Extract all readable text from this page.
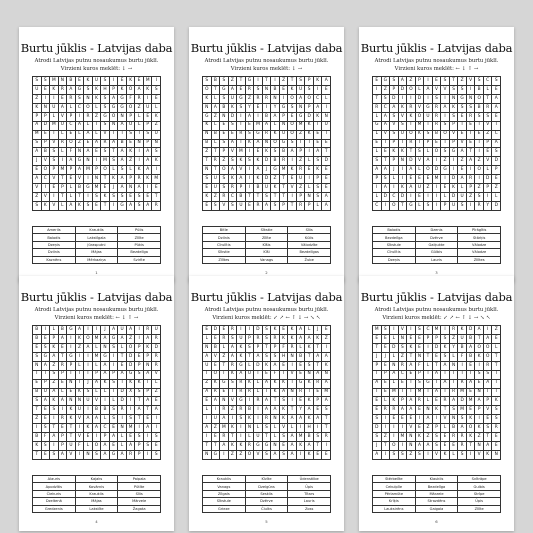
Burtu jūklis - Latvijas daba
Atrodi Latvijas putnu nosaukumus burtu jūklī.
Virzieni kuros meklēt: ↓ →
S	S	M	N	B	E	K	U	S	I	E	K	E	M	I
U	E	K	R	A	G	S	K	H	P	K	O	A	K	S
Z	I	I	E	R	S	N	K	S	A	G	F	R	I	E
K	N	U	A	L	C	O	L	S	G	G	O	Z	U	L
P	P	L	V	P	I	R	Z	G	O	N	P	L	E	K
A	D	M	U	C	A	L	I	S	N	A	O	L	P	Z
M	E	I	L	E	L	A	L	V	I	I	S	T	S	U
S	P	V	R	O	Z	E	A	R	A	B	E	N	P	N
A	B	S	L	F	N	A	E	S	T	A	K	I	A	S
J	V	S	I	A	G	N	I	M	S	A	Z	I	A	K
E	O	P	M	P	A	M	P	O	L	S	L	K	A	I
A	C	V	T	E	V	I	N	T	K	A	P	R	K	M
V	I	E	P	L	B	G	M	E	J	A	N	A	I	E
Z	V	I	T	L	T	I	S	K	S	S	E	S	E	T
S	K	V	L	A	K	S	E	T	I	G	A	S	A	R
Amerils	Krauklis	Pūlis
Balodis	Lakstīgala	Zīlīte
Dzeņis	Jūrasputni	Pūkis
Dzilnis	Mājas	Bezdelīga
Kaznēns	Mērkaziņa	Svirīte
1
Burtu jūklis - Latvijas daba
Atrodi Latvijas putnu nosaukumus burtu jūklī.
Virzieni kuros meklēt: ↓ →
S	B	S	Z	T	G	I	T	I	Z	T	S	P	K	A
O	T	G	A	E	R	S	N	B	E	K	U	S	I	E
K	L	S	U	G	Z	R	R	N	I	O	A	O	C	L
N	A	B	K	S	Y	E	I	Y	G	S	N	P	A	I
G	Z	N	D	I	A	I	B	A	P	E	G	D	K	N
K	L	E	S	I	E	M	A	L	N	O	M	K	I	U
N	B	E	E	R	S	G	R	K	U	O	Z	K	E	I
B	L	S	A	T	K	A	N	O	G	S	I	T	E	E
Z	T	P	V	M	I	E	K	S	B	A	P	I	A	T
T	R	Z	S	K	S	K	D	B	R	I	Z	L	S	D
N	T	O	A	V	I	A	J	G	M	K	R	E	K	E
S	U	S	K	A	I	K	D	Z	T	E	U	I	P	E
E	U	S	R	P	I	B	U	K	T	V	Z	L	S	E
K	Z	R	C	B	T	T	S	T	T	I	P	N	S	A
E	S	V	S	U	E	R	A	S	P	T	R	P	L	A
Bitīe	Sīkstie	Sīlis
Dzilnis	Zīlīte	Kūlis
Cīrulītis	Kīšis	Vālodzīte
Sīkstie	Kīši	Bezdelīgas
Zīlītes	Vanags	Žube
2
Burtu jūklis - Latvijas daba
Atrodi Latvijas putnu nosaukumus burtu jūklī.
Virzieni kuros meklēt: ← ↓ ↑ →
E	G	S	A	Z	P	I	E	S	T	Z	V	S	C	S
I	Z	P	D	O	L	A	V	V	S	S	I	B	L	E
T	S	D	I	I	D	I	S	I	N	G	N	O	T	A
R	C	A	K	R	V	G	R	A	K	S	S	B	R	A
L	A	S	V	K	O	U	R	I	S	E	R	S	S	E
G	A	V	S	I	M	I	R	S	P	T	E	I	V	T
L	V	S	U	O	K	S	B	O	V	E	I	E	Z	C
E	I	P	T	R	T	P	E	T	P	V	E	I	P	A
L	E	K	K	T	S	L	O	S	G	A	T	I	E	S
S	T	P	N	D	V	A	I	Z	I	Z	A	Z	V	D
A	A	J	I	A	L	O	D	G	I	E	I	O	L	P
P	S	L	I	E	E	E	M	I	D	A	R	I	D	E
I	A	I	K	A	U	Z	I	E	K	L	P	Z	P	Z
L	D	C	D	I	E	I	I	L	D	U	Z	S	I	L
C	I	O	T	G	L	S	I	P	U	S	I	R	Y	D
Balodis	Dzenis	Pīrāgītis
Bezdelīga	Dzērve	Stārķis
Sīkstule	Gaiķukte	Vālodze
Cīrulītis	Gūlbis	Vālodze
Dzeņis	Lauris	Zīlītes
3
Burtu jūklis - Latvijas daba
Atrodi Latvijas putnu nosaukumus burtu jūklī.
Virzieni kuros meklēt: ← ↓ ↑ →
B	I	L	B	G	A	I	I	J	A	U	A	I	R	U
B	E	P	A	I	K	O	M	A	G	A	Z	I	A	R
E	S	K	E	I	Z	A	L	N	S	L	O	P	K	D
S	G	A	T	G	I	I	M	G	I	T	D	E	P	R
N	A	Z	R	P	L	I	L	A	I	E	D	P	N	R
T	T	S	P	I	T	T	P	A	P	A	G	S	A	V
E	P	Z	E	N	I	J	A	K	S	I	K	K	T	L
B	U	A	L	E	K	S	L	L	I	D	X	S	P	Z
S	A	K	A	N	N	U	V	I	L	D	I	T	A	E
T	E	S	I	K	U	I	B	B	S	R	I	A	T	A
Z	E	I	R	K	V	A	A	L	S	I	S	T	E	I
I	S	T	E	T	I	K	A	C	E	N	M	I	A	I
B	F	A	P	T	V	E	I	P	A	L	E	S	I	S
K	S	I	P	U	F	L	O	A	E	L	A	P	S	E
T	E	S	A	V	I	N	S	A	G	A	R	P	I	S
Alauris	Kajaks	Paipala
Apodzītis	Kovārnis	Pūtīte
Čiekuris	Krauklis	Sīlis
Dzeltenā	Mājas	Mārzele
Gredzenis	Lakstīte	Žagata
4
Burtu jūklis - Latvijas daba
Atrodi Latvijas putnu nosaukumus burtu jūklī.
Virzieni kuros meklēt: ↙ ↗ ← ↑ ↓ → ↘ ↖
E	D	E	R	I	I	D	S	K	E	K	A	L	J	E
L	E	R	S	U	P	R	S	R	K	K	A	A	K	Z
N	B	L	A	K	S	P	T	P	F	R	L	K	T	I
A	V	Z	A	K	T	A	S	S	H	N	B	T	A	A
U	E	T	R	G	L	D	K	A	E	I	E	S	T	K
I	O	T	K	A	U	T	E	F	T	V	E	N	A	N
Z	K	G	S	R	K	L	A	K	K	I	G	K	R	A
A	R	E	I	R	R	L	I	K	A	N	R	T	E	M
E	A	N	V	G	I	R	A	T	S	I	E	K	P	A
L	I	R	Z	R	B	I	A	A	K	T	Y	A	E	S
I	U	A	I	S	K	I	R	N	K	A	A	K	A	T
A	Z	M	K	I	N	L	S	L	V	L	I	H	I	T
I	E	R	T	I	L	U	T	L	S	A	M	B	S	R
T	T	A	K	K	R	G	G	N	E	A	K	A	T	I
N	G	I	Z	Z	O	V	S	A	S	A	I	K	E	E
Krauklis	Kīvīte	Ūdenstilbe
Vanags	Dzelgūns	Ūpis
Zīlgals	Sesklis	Tītars
Sīkstule	Dzērve	Lauris
Grieze	Čiulks	Zoss
5
Burtu jūklis - Latvijas daba
Atrodi Latvijas putnu nosaukumus burtu jūklī.
Virzieni kuros meklēt: ↙ ↗ ← ↑ ↓ → ↘ ↖
M	S	I	V	I	S	C	M	I	R	K	D	A	I	Z
E	E	L	N	E	E	P	P	S	Z	U	B	T	A	E
T	E	D	S	K	E	I	D	K	Y	B	A	O	O	L
J	J	L	Z	T	N	T	E	S	L	F	B	K	O	T
P	E	N	R	A	F	L	T	A	N	I	E	I	R	T
I	P	A	C	E	P	I	A	I	T	I	T	S	S	I
A	E	L	E	T	S	G	T	A	T	R	A	E	A	T
T	E	M	T	I	M	I	A	I	R	M	E	N	T	T
E	L	K	P	A	R	L	E	R	A	D	M	A	P	K
E	R	R	A	A	E	N	K	T	S	M	E	P	V	S
S	I	E	E	E	I	A	I	V	N	S	K	I	E	S
D	I	I	I	V	E	Z	P	L	B	A	O	K	S	R
S	Z	I	M	N	K	Z	S	E	R	R	K	Z	T	E
J	T	O	I	N	A	A	S	E	E	R	T	N	A	E
A	I	S	S	Z	S	I	V	K	L	S	I	V	K	N
Stērbelīte	Klauklis	Svītrāpe
Cekulpīle	Bezdelīga	Gulbis
Pērlamūte	Mārzele	Strīpe
Krīķis	Strazdēns	Ūpis
Lauksirēns	Gaigala	Zīlīte
6
